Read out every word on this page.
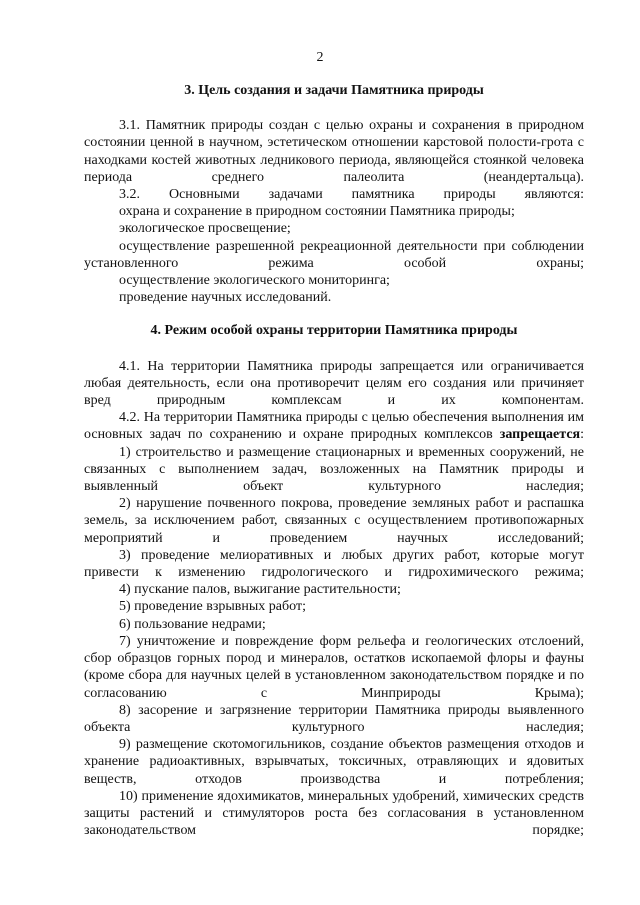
2

3. Цель создания и задачи Памятника природы

3.1. Памятник природы создан с целью охраны и сохранения в природном состоянии ценной в научном, эстетическом отношении карстовой полости-грота с находками костей животных ледникового периода, являющейся стоянкой человека периода среднего палеолита (неандертальца).

3.2. Основными задачами памятника природы являются:

охрана и сохранение в природном состоянии Памятника природы;

экологическое просвещение;

осуществление разрешенной рекреационной деятельности при соблюдении установленного режима особой охраны;

осуществление экологического мониторинга;

проведение научных исследований.

4. Режим особой охраны территории Памятника природы

4.1. На территории Памятника природы запрещается или ограничивается любая деятельность, если она противоречит целям его создания или причиняет вред природным комплексам и их компонентам.

4.2. На территории Памятника природы с целью обеспечения выполнения им основных задач по сохранению и охране природных комплексов запрещается:

1) строительство и размещение стационарных и временных сооружений, не связанных с выполнением задач, возложенных на Памятник природы и выявленный объект культурного наследия;

2) нарушение почвенного покрова, проведение земляных работ и распашка земель, за исключением работ, связанных с осуществлением противопожарных мероприятий и проведением научных исследований;

3) проведение мелиоративных и любых других работ, которые могут привести к изменению гидрологического и гидрохимического режима;

4) пускание палов, выжигание растительности;

5) проведение взрывных работ;

6) пользование недрами;

7) уничтожение и повреждение форм рельефа и геологических отслоений, сбор образцов горных пород и минералов, остатков ископаемой флоры и фауны (кроме сбора для научных целей в установленном законодательством порядке и по согласованию с Минприроды Крыма);

8) засорение и загрязнение территории Памятника природы выявленного объекта культурного наследия;

9) размещение скотомогильников, создание объектов размещения отходов и хранение радиоактивных, взрывчатых, токсичных, отравляющих и ядовитых веществ, отходов производства и потребления;

10) применение ядохимикатов, минеральных удобрений, химических средств защиты растений и стимуляторов роста без согласования в установленном законодательством порядке;
